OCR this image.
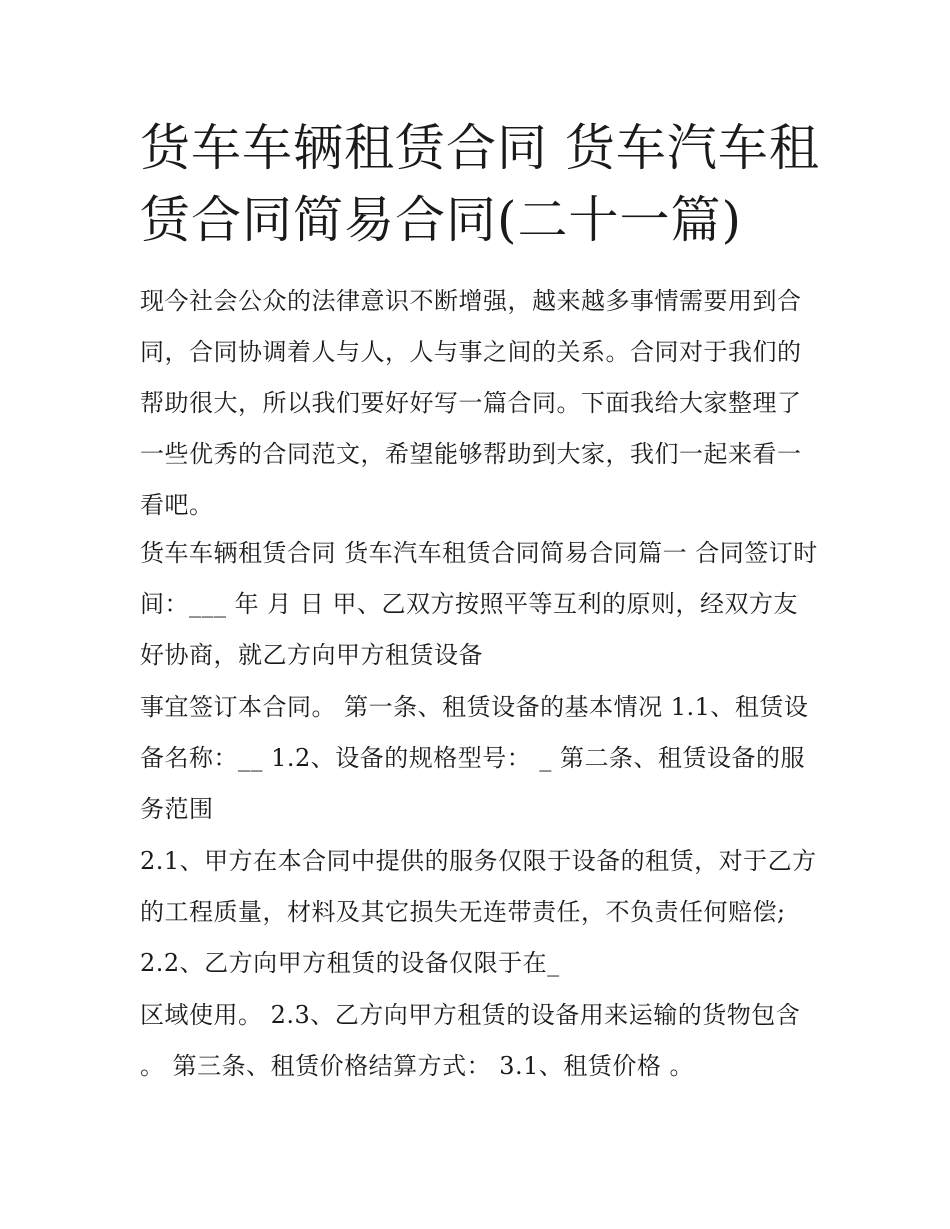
货车车辆租赁合同 货车汽车租赁合同简易合同(二十一篇)

现今社会公众的法律意识不断增强，越来越多事情需要用到合同，合同协调着人与人，人与事之间的关系。合同对于我们的帮助很大，所以我们要好好写一篇合同。下面我给大家整理了一些优秀的合同范文，希望能够帮助到大家，我们一起来看一看吧。

货车车辆租赁合同 货车汽车租赁合同简易合同篇一 合同签订时间：___ 年 月 日 甲、乙双方按照平等互利的原则，经双方友好协商，就乙方向甲方租赁设备

事宜签订本合同。 第一条、租赁设备的基本情况 1.1、租赁设备名称：__ 1.2、设备的规格型号： _ 第二条、租赁设备的服务范围

2.1、甲方在本合同中提供的服务仅限于设备的租赁，对于乙方的工程质量，材料及其它损失无连带责任，不负责任何赔偿; 2.2、乙方向甲方租赁的设备仅限于在_

区域使用。 2.3、乙方向甲方租赁的设备用来运输的货物包含 。 第三条、租赁价格结算方式： 3.1、租赁价格 。
